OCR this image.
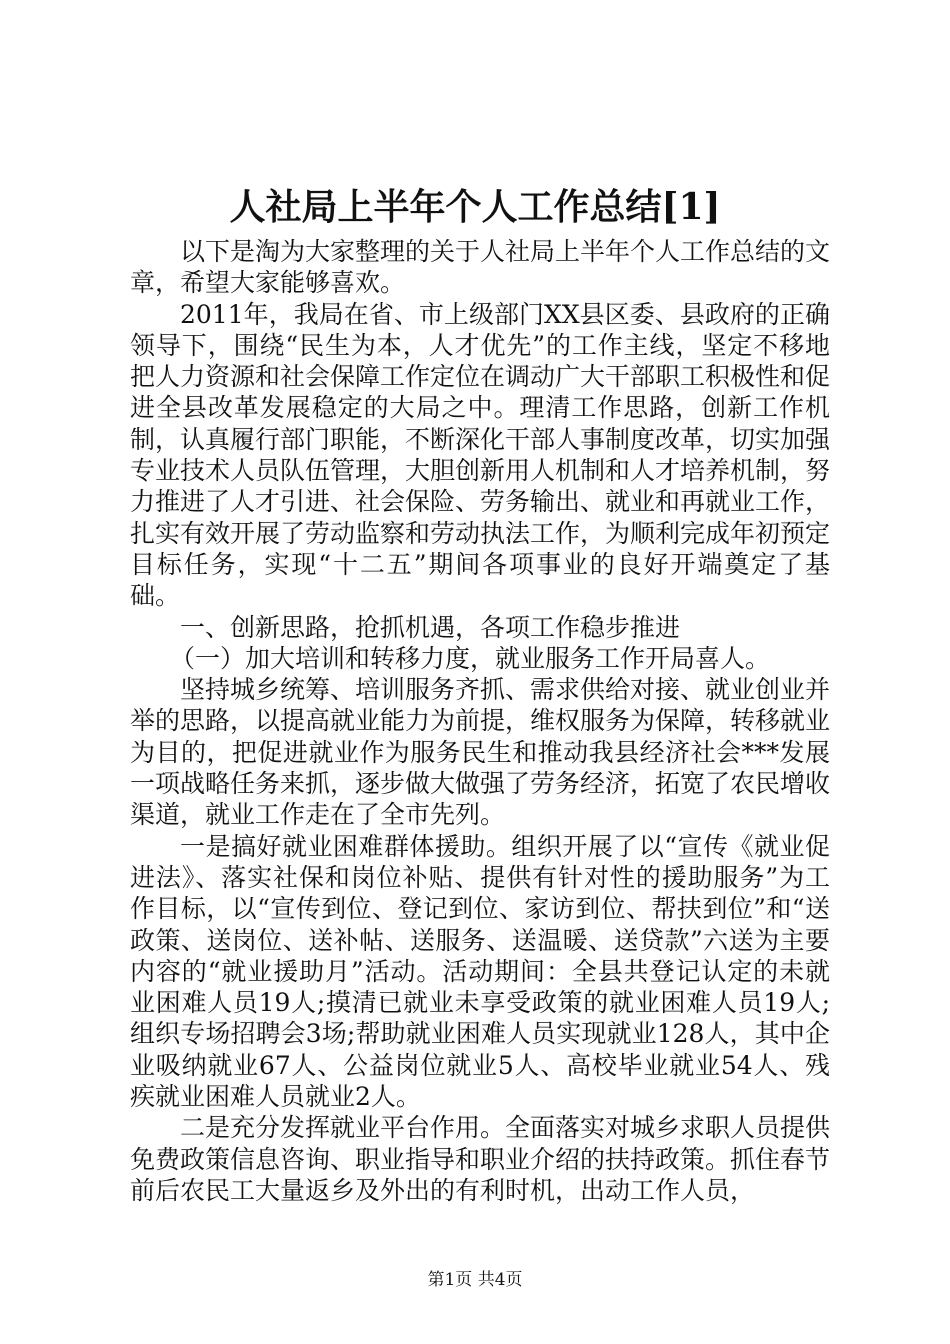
人社局上半年个人工作总结[1]

以下是淘为大家整理的关于人社局上半年个人工作总结的文章，希望大家能够喜欢。

2011年，我局在省、市上级部门XX县区委、县政府的正确领导下，围绕“民生为本，人才优先”的工作主线，坚定不移地把人力资源和社会保障工作定位在调动广大干部职工积极性和促进全县改革发展稳定的大局之中。理清工作思路，创新工作机制，认真履行部门职能，不断深化干部人事制度改革，切实加强专业技术人员队伍管理，大胆创新用人机制和人才培养机制，努力推进了人才引进、社会保险、劳务输出、就业和再就业工作，扎实有效开展了劳动监察和劳动执法工作，为顺利完成年初预定目标任务，实现“十二五”期间各项事业的良好开端奠定了基础。

一、创新思路，抢抓机遇，各项工作稳步推进

（一）加大培训和转移力度，就业服务工作开局喜人。

坚持城乡统筹、培训服务齐抓、需求供给对接、就业创业并举的思路，以提高就业能力为前提，维权服务为保障，转移就业为目的，把促进就业作为服务民生和推动我县经济社会***发展一项战略任务来抓，逐步做大做强了劳务经济，拓宽了农民增收渠道，就业工作走在了全市先列。

一是搞好就业困难群体援助。组织开展了以“宣传《就业促进法》、落实社保和岗位补贴、提供有针对性的援助服务”为工作目标，以“宣传到位、登记到位、家访到位、帮扶到位”和“送政策、送岗位、送补帖、送服务、送温暖、送贷款”六送为主要内容的“就业援助月”活动。活动期间：全县共登记认定的未就业困难人员19人;摸清已就业未享受政策的就业困难人员19人;组织专场招聘会3场;帮助就业困难人员实现就业128人，其中企业吸纳就业67人、公益岗位就业5人、高校毕业就业54人、残疾就业困难人员就业2人。

二是充分发挥就业平台作用。全面落实对城乡求职人员提供免费政策信息咨询、职业指导和职业介绍的扶持政策。抓住春节前后农民工大量返乡及外出的有利时机，出动工作人员，

第1页 共4页
